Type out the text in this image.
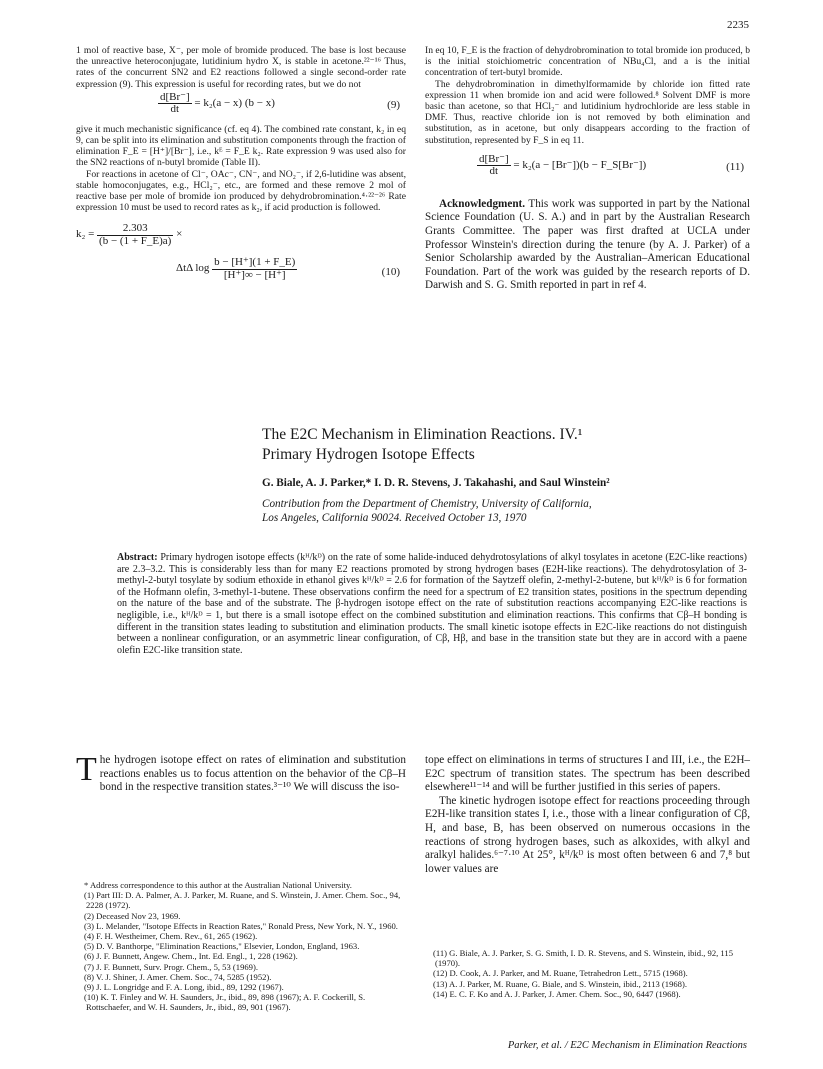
2235

1 mol of reactive base, X⁻, per mole of bromide produced. The base is lost because the unreactive heteroconjugate, lutidinium hydro X, is stable in acetone.²²⁻¹⁶ Thus, rates of the concurrent SN2 and E2 reactions followed a single second-order rate expression (9). This expression is useful for recording rates, but we do not

$\frac{d[Br^-]}{dt} = k_2(a - x) (b - x)$	(9)

give it much mechanistic significance (cf. eq 4). The combined rate constant, k₂ in eq 9, can be split into its elimination and substitution components through the fraction of elimination F_E = [H⁺]/[Br⁻], i.e., kᴱ = F_E k₂. Rate expression 9 was used also for the SN2 reactions of n-butyl bromide (Table II).

For reactions in acetone of Cl⁻, OAc⁻, CN⁻, and NO₂⁻, if 2,6-lutidine was absent, stable homoconjugates, e.g., HCl₂⁻, etc., are formed and these remove 2 mol of reactive base per mole of bromide ion produced by dehydrobromination.⁴·²²⁻²⁶ Rate expression 10 must be used to record rates as k₂, if acid production is followed.

$k_2 = \frac{2.303}{(b - (1 + F\_E)a)}$ ×
ΔtΔ $\log \frac{b - [H^+](1 + F\_E)}{[H^+]\infty - [H^+]}$	(10)

In eq 10, F_E is the fraction of dehydrobromination to total bromide ion produced, b is the initial stoichiometric concentration of NBu₄Cl, and a is the initial concentration of tert-butyl bromide.

The dehydrobromination in dimethylformamide by chloride ion fitted rate expression 11 when bromide ion and acid were followed.⁸ Solvent DMF is more basic than acetone, so that HCl₂⁻ and lutidinium hydrochloride are less stable in DMF. Thus, reactive chloride ion is not removed by both elimination and substitution, as in acetone, but only disappears according to the fraction of substitution, represented by F_S in eq 11.

$\frac{d[Br^-]}{dt} = k_2(a - [Br^-])(b$ − F_S[Br⁻])	(11)

Acknowledgment. This work was supported in part by the National Science Foundation (U. S. A.) and in part by the Australian Research Grants Committee. The paper was first drafted at UCLA under Professor Winstein's direction during the tenure (by A. J. Parker) of a Senior Scholarship awarded by the Australian–American Educational Foundation. Part of the work was guided by the research reports of D. Darwish and S. G. Smith reported in part in ref 4.

The E2C Mechanism in Elimination Reactions. IV.¹
Primary Hydrogen Isotope Effects
G. Biale, A. J. Parker,* I. D. R. Stevens, J. Takahashi, and Saul Winstein²
Contribution from the Department of Chemistry, University of California,
Los Angeles, California 90024. Received October 13, 1970
Abstract: Primary hydrogen isotope effects (kᴴ/kᴰ) on the rate of some halide-induced dehydrotosylations of alkyl tosylates in acetone (E2C-like reactions) are 2.3–3.2. This is considerably less than for many E2 reactions promoted by strong hydrogen bases (E2H-like reactions). The dehydrotosylation of 3-methyl-2-butyl tosylate by sodium ethoxide in ethanol gives kᴴ/kᴰ = 2.6 for formation of the Saytzeff olefin, 2-methyl-2-butene, but kᴴ/kᴰ is 6 for formation of the Hofmann olefin, 3-methyl-1-butene. These observations confirm the need for a spectrum of E2 transition states, positions in the spectrum depending on the nature of the base and of the substrate. The β-hydrogen isotope effect on the rate of substitution reactions accompanying E2C-like reactions is negligible, i.e., kᴴ/kᴰ = 1, but there is a small isotope effect on the combined substitution and elimination reactions. This confirms that Cβ–H bonding is different in the transition states leading to substitution and elimination products. The small kinetic isotope effects in E2C-like reactions do not distinguish between a nonlinear configuration, or an asymmetric linear configuration, of Cβ, Hβ, and base in the transition state but they are in accord with a paene olefin E2C-like transition state.
The hydrogen isotope effect on rates of elimination and substitution reactions enables us to focus attention on the behavior of the Cβ–H bond in the respective transition states.³⁻¹⁰ We will discuss the iso-

tope effect on eliminations in terms of structures I and III, i.e., the E2H–E2C spectrum of transition states. The spectrum has been described elsewhere¹¹⁻¹⁴ and will be further justified in this series of papers.

The kinetic hydrogen isotope effect for reactions proceeding through E2H-like transition states I, i.e., those with a linear configuration of Cβ, H, and base, B, has been observed on numerous occasions in the reactions of strong hydrogen bases, such as alkoxides, with alkyl and aralkyl halides.⁶⁻⁷·¹⁰ At 25°, kᴴ/kᴰ is most often between 6 and 7,⁸ but lower values are

* Address correspondence to this author at the Australian National University.

(1) Part III: D. A. Palmer, A. J. Parker, M. Ruane, and S. Winstein, J. Amer. Chem. Soc., 94, 2228 (1972).

(2) Deceased Nov 23, 1969.

(3) L. Melander, "Isotope Effects in Reaction Rates," Ronald Press, New York, N. Y., 1960.

(4) F. H. Westheimer, Chem. Rev., 61, 265 (1962).

(5) D. V. Banthorpe, "Elimination Reactions," Elsevier, London, England, 1963.

(6) J. F. Bunnett, Angew. Chem., Int. Ed. Engl., 1, 228 (1962).

(7) J. F. Bunnett, Surv. Progr. Chem., 5, 53 (1969).

(8) V. J. Shiner, J. Amer. Chem. Soc., 74, 5285 (1952).

(9) J. L. Longridge and F. A. Long, ibid., 89, 1292 (1967).

(10) K. T. Finley and W. H. Saunders, Jr., ibid., 89, 898 (1967); A. F. Cockerill, S. Rottschaefer, and W. H. Saunders, Jr., ibid., 89, 901 (1967).

(11) G. Biale, A. J. Parker, S. G. Smith, I. D. R. Stevens, and S. Winstein, ibid., 92, 115 (1970).

(12) D. Cook, A. J. Parker, and M. Ruane, Tetrahedron Lett., 5715 (1968).

(13) A. J. Parker, M. Ruane, G. Biale, and S. Winstein, ibid., 2113 (1968).

(14) E. C. F. Ko and A. J. Parker, J. Amer. Chem. Soc., 90, 6447 (1968).

Parker, et al. / E2C Mechanism in Elimination Reactions
